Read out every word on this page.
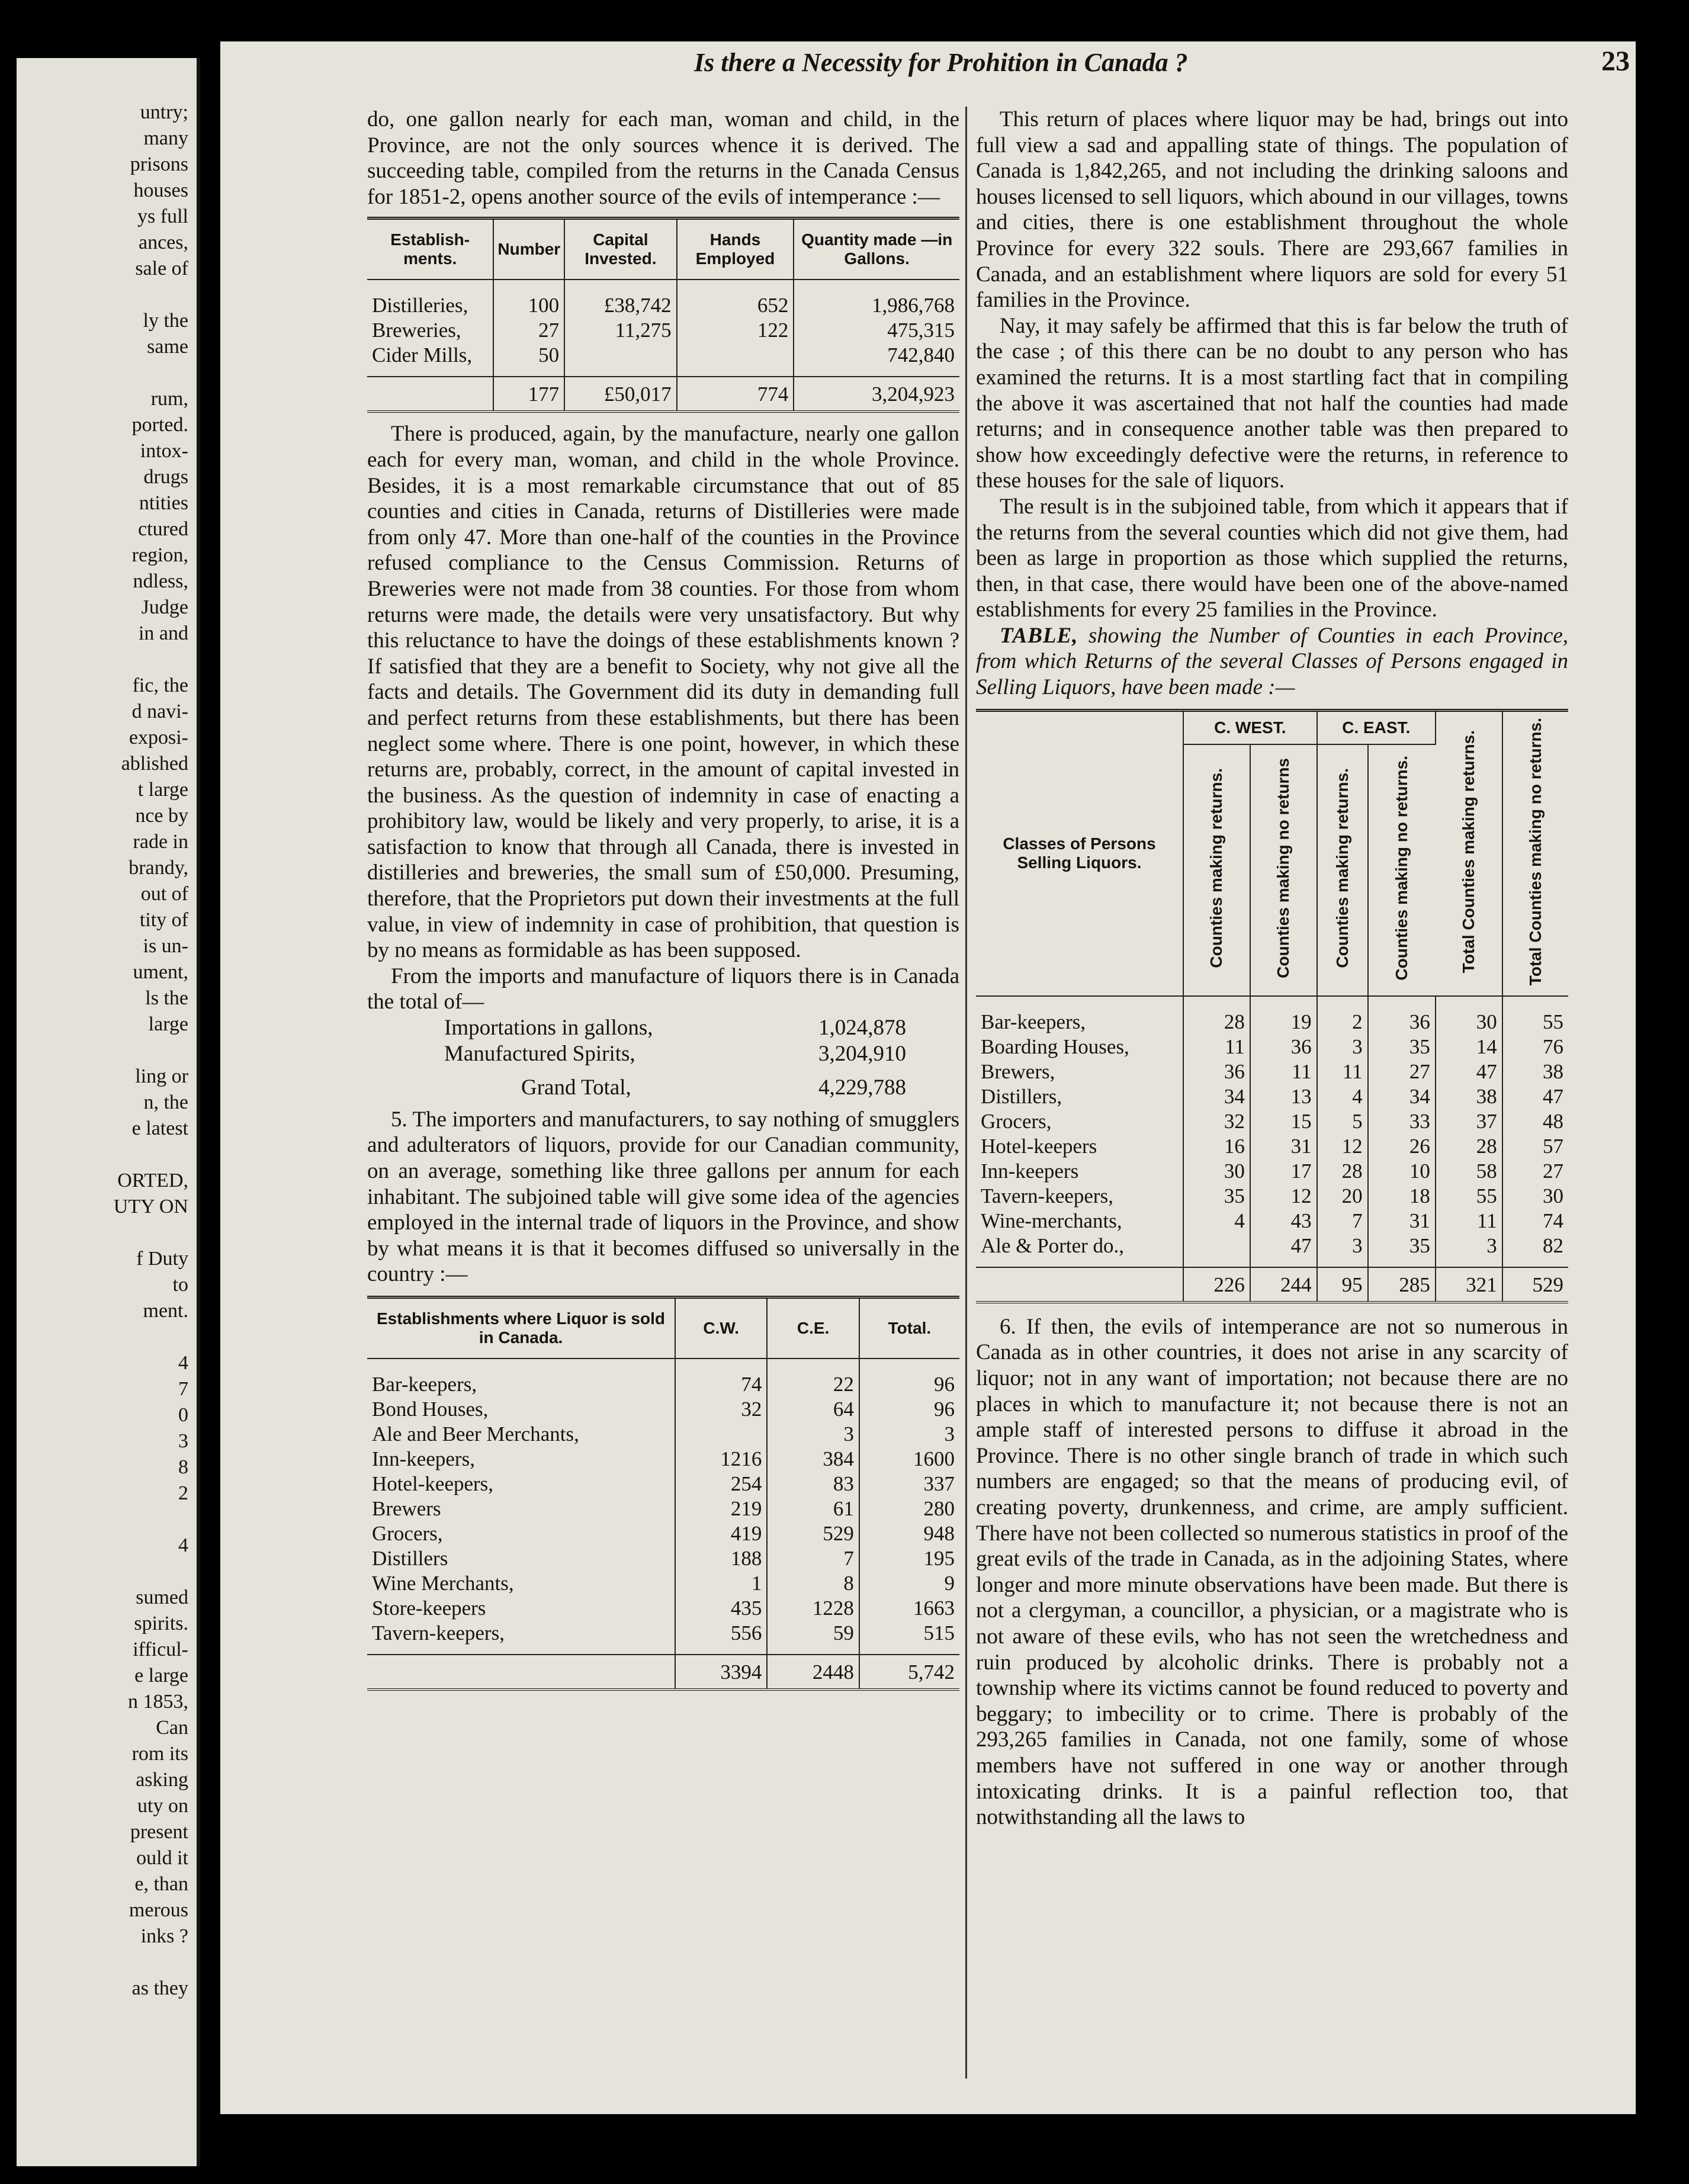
untry;
many
prisons
houses
ys full
ances,
sale of
ly the
same
rum,
ported.
intox-
drugs
ntities
ctured
region,
ndless,
Judge
in and
fic, the
d navi-
exposi-
ablished
t large
nce by
rade in
brandy,
out of
tity of
is un-
ument,
ls the
large
ling or
n, the
e latest
ORTED,
UTY ON
f Duty
to
ment.
4
7
0
3
8
2
4
sumed
spirits.
ifficul-
e large
n 1853,
Can
rom its
asking
uty on
present
ould it
e, than
merous
inks ?
as they
Is there a Necessity for Prohition in Canada ?	23

do, one gallon nearly for each man, woman and child, in the Province, are not the only sources whence it is derived. The succeeding table, compiled from the returns in the Canada Census for 1851-2, opens another source of the evils of intemperance :—

Establish-ments.	Number	Capital Invested.	Hands Employed	Quantity made —in Gallons.
Distilleries,	100	£38,742	652	1,986,768
Breweries,	27	11,275	122	475,315
Cider Mills,	50			742,840
	177	£50,017	774	3,204,923

There is produced, again, by the manufacture, nearly one gallon each for every man, woman, and child in the whole Province. Besides, it is a most remarkable circumstance that out of 85 counties and cities in Canada, returns of Distilleries were made from only 47. More than one-half of the counties in the Province refused compliance to the Census Commission. Returns of Breweries were not made from 38 counties. For those from whom returns were made, the details were very unsatisfactory. But why this reluctance to have the doings of these establishments known ? If satisfied that they are a benefit to Society, why not give all the facts and details. The Government did its duty in demanding full and perfect returns from these establishments, but there has been neglect some where. There is one point, however, in which these returns are, probably, correct, in the amount of capital invested in the business. As the question of indemnity in case of enacting a prohibitory law, would be likely and very properly, to arise, it is a satisfaction to know that through all Canada, there is invested in distilleries and breweries, the small sum of £50,000. Presuming, therefore, that the Proprietors put down their investments at the full value, in view of indemnity in case of prohibition, that question is by no means as formidable as has been supposed.

From the imports and manufacture of liquors there is in Canada the total of—

Importations in gallons,	1,024,878
Manufactured Spirits,	3,204,910
Grand Total,	4,229,788

5. The importers and manufacturers, to say nothing of smugglers and adulterators of liquors, provide for our Canadian community, on an average, something like three gallons per annum for each inhabitant. The subjoined table will give some idea of the agencies employed in the internal trade of liquors in the Province, and show by what means it is that it becomes diffused so universally in the country :—

Establishments where Liquor is sold in Canada.	C.W.	C.E.	Total.
Bar-keepers,	74	22	96
Bond Houses,	32	64	96
Ale and Beer Merchants,		3	3
Inn-keepers,	1216	384	1600
Hotel-keepers,	254	83	337
Brewers	219	61	280
Grocers,	419	529	948
Distillers	188	7	195
Wine Merchants,	1	8	9
Store-keepers	435	1228	1663
Tavern-keepers,	556	59	515
	3394	2448	5,742

This return of places where liquor may be had, brings out into full view a sad and appalling state of things. The population of Canada is 1,842,265, and not including the drinking saloons and houses licensed to sell liquors, which abound in our villages, towns and cities, there is one establishment throughout the whole Province for every 322 souls. There are 293,667 families in Canada, and an establishment where liquors are sold for every 51 families in the Province.

Nay, it may safely be affirmed that this is far below the truth of the case ; of this there can be no doubt to any person who has examined the returns. It is a most startling fact that in compiling the above it was ascertained that not half the counties had made returns; and in consequence another table was then prepared to show how exceedingly defective were the returns, in reference to these houses for the sale of liquors.

The result is in the subjoined table, from which it appears that if the returns from the several counties which did not give them, had been as large in proportion as those which supplied the returns, then, in that case, there would have been one of the above-named establishments for every 25 families in the Province.

TABLE, showing the Number of Counties in each Province, from which Returns of the several Classes of Persons engaged in Selling Liquors, have been made :—

Classes of Persons Selling Liquors.	C. WEST.		C. EAST.		Total Counties making returns.	Total Counties making no returns.
	Counties making returns.	Counties making no returns	Counties making returns.	Counties making no returns.		
Bar-keepers,	28	19	2	36	30	55
Boarding Houses,	11	36	3	35	14	76
Brewers,	36	11	11	27	47	38
Distillers,	34	13	4	34	38	47
Grocers,	32	15	5	33	37	48
Hotel-keepers	16	31	12	26	28	57
Inn-keepers	30	17	28	10	58	27
Tavern-keepers,	35	12	20	18	55	30
Wine-merchants,	4	43	7	31	11	74
Ale & Porter do.,		47	3	35	3	82
	226	244	95	285	321	529

6. If then, the evils of intemperance are not so numerous in Canada as in other countries, it does not arise in any scarcity of liquor; not in any want of importation; not because there are no places in which to manufacture it; not because there is not an ample staff of interested persons to diffuse it abroad in the Province. There is no other single branch of trade in which such numbers are engaged; so that the means of producing evil, of creating poverty, drunkenness, and crime, are amply sufficient. There have not been collected so numerous statistics in proof of the great evils of the trade in Canada, as in the adjoining States, where longer and more minute observations have been made. But there is not a clergyman, a councillor, a physician, or a magistrate who is not aware of these evils, who has not seen the wretchedness and ruin produced by alcoholic drinks. There is probably not a township where its victims cannot be found reduced to poverty and beggary; to imbecility or to crime. There is probably of the 293,265 families in Canada, not one family, some of whose members have not suffered in one way or another through intoxicating drinks. It is a painful reflection too, that notwithstanding all the laws to
